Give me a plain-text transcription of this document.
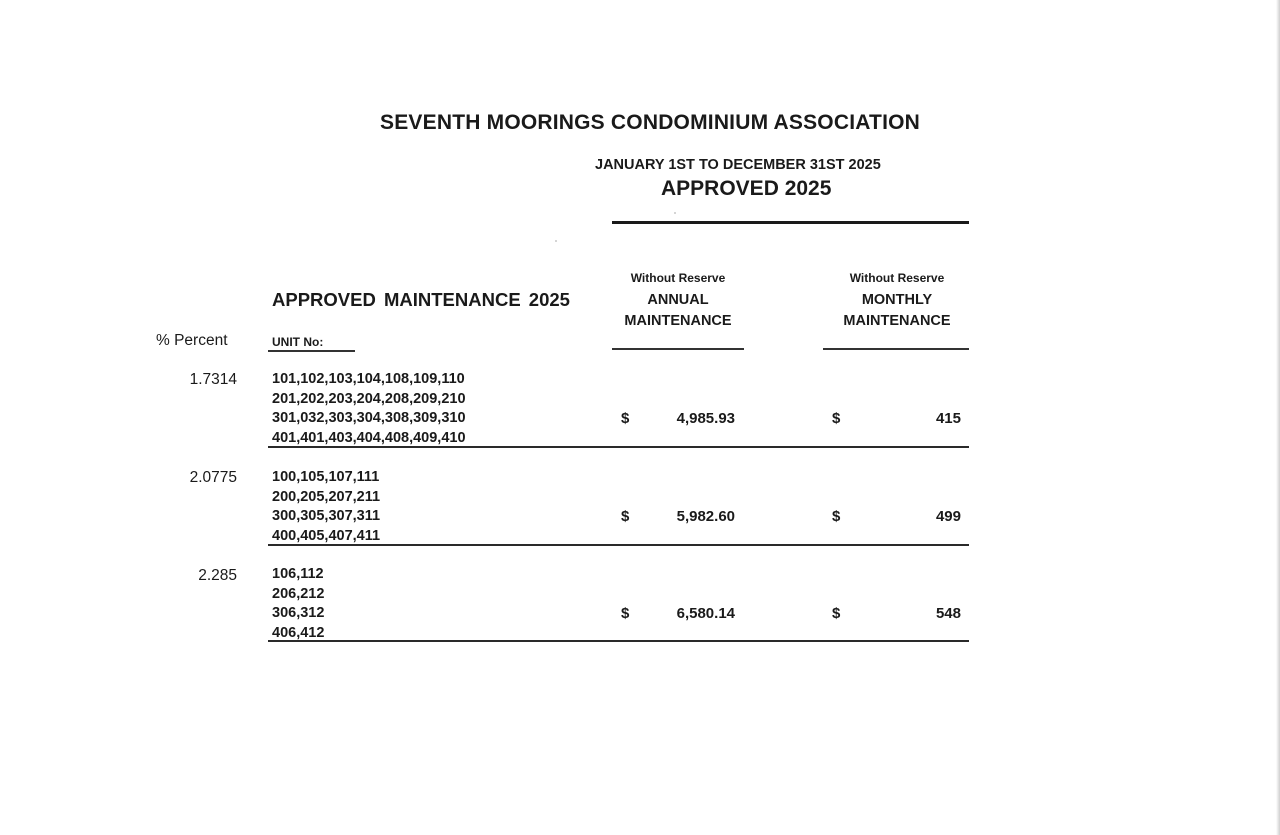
SEVENTH MOORINGS CONDOMINIUM ASSOCIATION
JANUARY 1ST TO DECEMBER 31ST 2025
APPROVED 2025
APPROVED MAINTENANCE 2025
Without Reserve
ANNUAL
MAINTENANCE
Without Reserve
MONTHLY
MAINTENANCE
% Percent	UNIT No:
1.7314 101,102,103,104,108,109,110
201,202,203,204,208,209,210
301,032,303,304,308,309,310
401,401,403,404,408,409,410
$	4,985.93	$	415
2.0775 100,105,107,111
200,205,207,211
300,305,307,311
400,405,407,411
$	5,982.60	$	499
2.285 106,112
206,212
306,312
406,412
$	6,580.14	$	548
